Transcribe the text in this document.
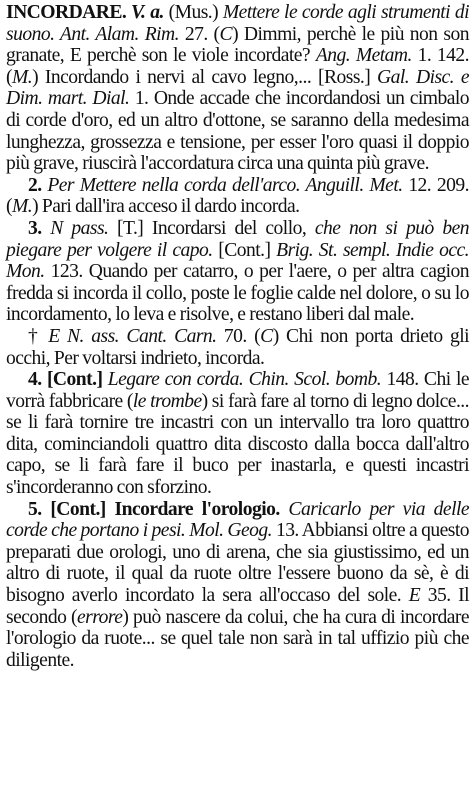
INCORDARE. V. a. (Mus.) Mettere le corde agli strumenti di suono. Ant. Alam. Rim. 27. (C) Dimmi, perchè le più non son granate, E perchè son le viole incordate? Ang. Metam. 1. 142. (M.) Incordando i nervi al cavo legno,... [Ross.] Gal. Disc. e Dim. mart. Dial. 1. Onde accade che incordandosi un cimbalo di corde d'oro, ed un altro d'ottone, se saranno della medesima lunghezza, grossezza e tensione, per esser l'oro quasi il doppio più grave, riuscirà l'accordatura circa una quinta più grave.

2. Per Mettere nella corda dell'arco. Anguill. Met. 12. 209. (M.) Pari dall'ira acceso il dardo incorda.

3. N pass. [T.] Incordarsi del collo, che non si può ben piegare per volgere il capo. [Cont.] Brig. St. sempl. Indie occ. Mon. 123. Quando per catarro, o per l'aere, o per altra cagion fredda si incorda il collo, poste le foglie calde nel dolore, o su lo incordamento, lo leva e risolve, e restano liberi dal male.

† E N. ass. Cant. Carn. 70. (C) Chi non porta drieto gli occhi, Per voltarsi indrieto, incorda.

4. [Cont.] Legare con corda. Chin. Scol. bomb. 148. Chi le vorrà fabbricare (le trombe) si farà fare al torno di legno dolce... se li farà tornire tre incastri con un intervallo tra loro quattro dita, cominciandoli quattro dita discosto dalla bocca dall'altro capo, se li farà fare il buco per inastarla, e questi incastri s'incorderanno con sforzino.

5. [Cont.] Incordare l'orologio. Caricarlo per via delle corde che portano i pesi. Mol. Geog. 13. Abbiansi oltre a questo preparati due orologi, uno di arena, che sia giustissimo, ed un altro di ruote, il qual da ruote oltre l'essere buono da sè, è di bisogno averlo incordato la sera all'occaso del sole. E 35. Il secondo (errore) può nascere da colui, che ha cura di incordare l'orologio da ruote... se quel tale non sarà in tal uffizio più che diligente.
